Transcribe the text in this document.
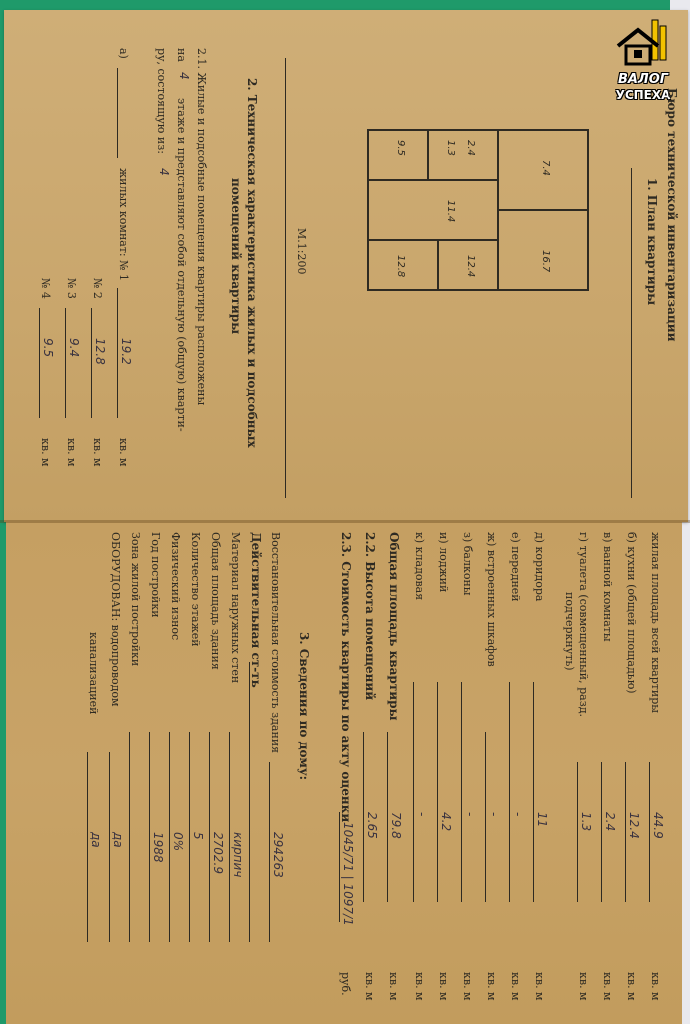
ВАЛОГ
УСПЕХА
Бюро технической инвентаризации
1. План квартиры
16.7
7.4
11.4
9.5
12.8
2.4
1.3
12.4
М.1:200
2. Техническая характеристика жилых и подсобных
помещений квартиры
2.1. Жилые и подсобные помещения квартиры расположены
на
4
этаже и представляют собой отдельную (общую) кварти-
ру, состоящую из:
4
а)
жилых комнат: № 1
19.2
кв. м
№ 2
12.8
кв. м
№ 3
9.4
кв. м
№ 4
9.5
кв. м
жилая площадь всей квартиры
44.9
кв. м
б) кухни (общей площадью)
12.4
кв. м
в) ванной комнаты
2.4
кв. м
г) туалета (совмещенный, разд.
1.3
кв. м
подчеркнуть)
д) коридора
11
кв. м
е) передней
-
кв. м
ж) встроенных шкафов
-
кв. м
з) балконы
-
кв. м
и) лоджий
4.2
кв. м
к) кладовая
-
кв. м
Общая площадь квартиры
79.8
кв. м
2.2. Высота помещений
2.65
кв. м
2.3. Стоимость квартиры по акту оценки
1045/71 | 1097/1
руб.
3. Сведения по дому:
Восстановительная стоимость здания
294263
Действительная ст-ть
Материал наружных стен
кирпич
Общая площадь здания
2702.9
Количество этажей
5
Физический износ
0%
Год постройки
1988
Зона жилой постройки
ОБОРУДОВАН: водопроводом
да
канализацией
да
